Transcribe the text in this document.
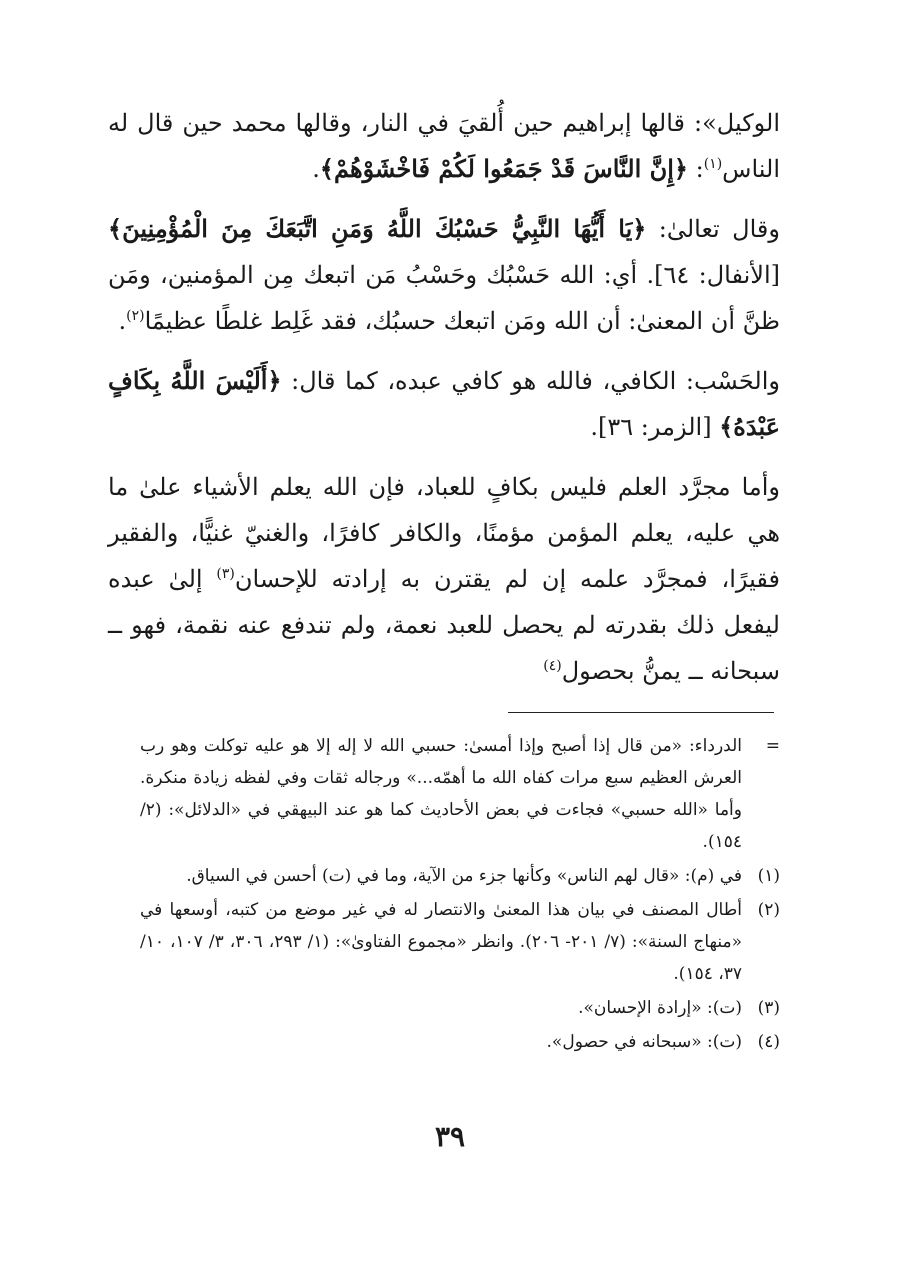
الوكيل»: قالها إبراهيم حين أُلقيَ في النار، وقالها محمد حين قال له الناس$^{(١)}$: ﴿إِنَّ النَّاسَ قَدْ جَمَعُوا لَكُمْ فَاخْشَوْهُمْ﴾.

وقال تعالىٰ: ﴿يَا أَيُّهَا النَّبِيُّ حَسْبُكَ اللَّهُ وَمَنِ اتَّبَعَكَ مِنَ الْمُؤْمِنِينَ﴾ [الأنفال: ٦٤]. أي: الله حَسْبُك وحَسْبُ مَن اتبعك مِن المؤمنين، ومَن ظنَّ أن المعنىٰ: أن الله ومَن اتبعك حسبُك، فقد غَلِط غلطًا عظيمًا$^{(٢)}$.

والحَسْب: الكافي، فالله هو كافي عبده، كما قال: ﴿أَلَيْسَ اللَّهُ بِكَافٍ عَبْدَهُ﴾ [الزمر: ٣٦].

وأما مجرَّد العلم فليس بكافٍ للعباد، فإن الله يعلم الأشياء علىٰ ما هي عليه، يعلم المؤمن مؤمنًا، والكافر كافرًا، والغنيّ غنيًّا، والفقير فقيرًا، فمجرَّد علمه إن لم يقترن به إرادته للإحسان$^{(٣)}$ إلىٰ عبده ليفعل ذلك بقدرته لم يحصل للعبد نعمة، ولم تندفع عنه نقمة، فهو ــ سبحانه ــ يمنُّ بحصول$^{(٤)}$

=
الدرداء: «من قال إذا أصبح وإذا أمسىٰ: حسبي الله لا إله إلا هو عليه توكلت وهو رب العرش العظيم سبع مرات كفاه الله ما أهمّه...» ورجاله ثقات وفي لفظه زيادة منكرة. وأما «الله حسبي» فجاءت في بعض الأحاديث كما هو عند البيهقي في «الدلائل»: (٢/ ١٥٤).
(١)
في (م): «قال لهم الناس» وكأنها جزء من الآية، وما في (ت) أحسن في السياق.
(٢)
أطال المصنف في بيان هذا المعنىٰ والانتصار له في غير موضع من كتبه، أوسعها في «منهاج السنة»: (٧/ ٢٠١- ٢٠٦). وانظر «مجموع الفتاوىٰ»: (١/ ٢٩٣، ٣٠٦، ٣/ ١٠٧، ١٠/ ٣٧، ١٥٤).
(٣)
(ت): «إرادة الإحسان».
(٤)
(ت): «سبحانه في حصول».
٣٩
